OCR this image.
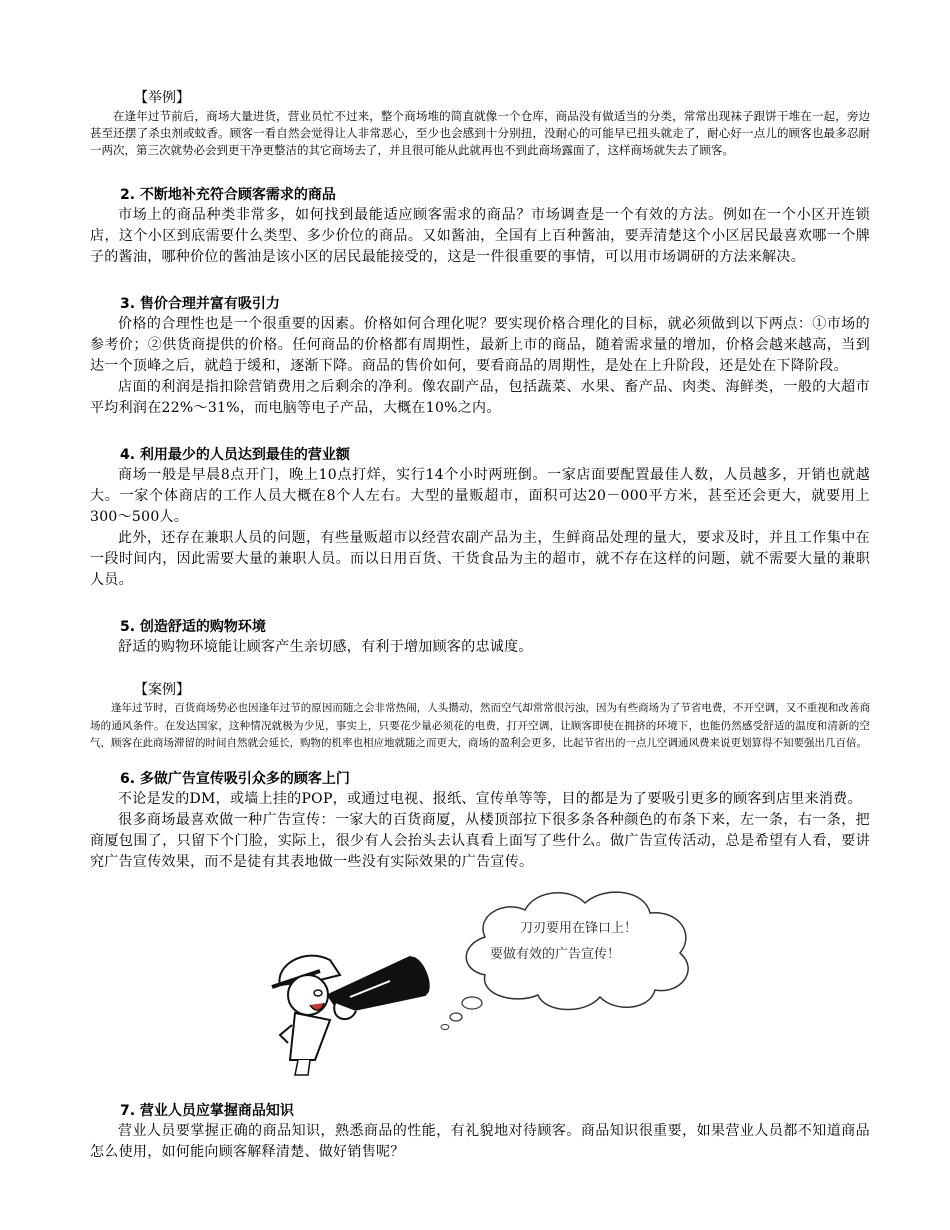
【举例】

在逢年过节前后，商场大量进货，营业员忙不过来，整个商场堆的简直就像一个仓库，商品没有做适当的分类，常常出现袜子跟饼干堆在一起，旁边甚至还摆了杀虫剂或蚊香。顾客一看自然会觉得让人非常恶心，至少也会感到十分别扭，没耐心的可能早已扭头就走了，耐心好一点儿的顾客也最多忍耐一两次，第三次就势必会到更干净更整洁的其它商场去了，并且很可能从此就再也不到此商场露面了，这样商场就失去了顾客。

2. 不断地补充符合顾客需求的商品

市场上的商品种类非常多，如何找到最能适应顾客需求的商品？市场调查是一个有效的方法。例如在一个小区开连锁店，这个小区到底需要什么类型、多少价位的商品。又如酱油，全国有上百种酱油，要弄清楚这个小区居民最喜欢哪一个牌子的酱油，哪种价位的酱油是该小区的居民最能接受的，这是一件很重要的事情，可以用市场调研的方法来解决。

3. 售价合理并富有吸引力

价格的合理性也是一个很重要的因素。价格如何合理化呢？要实现价格合理化的目标，就必须做到以下两点：①市场的参考价；②供货商提供的价格。任何商品的价格都有周期性，最新上市的商品，随着需求量的增加，价格会越来越高，当到达一个顶峰之后，就趋于缓和，逐渐下降。商品的售价如何，要看商品的周期性，是处在上升阶段，还是处在下降阶段。

店面的利润是指扣除营销费用之后剩余的净利。像农副产品，包括蔬菜、水果、畜产品、肉类、海鲜类，一般的大超市平均利润在22%～31%，而电脑等电子产品，大概在10%之内。

4. 利用最少的人员达到最佳的营业额

商场一般是早晨8点开门，晚上10点打烊，实行14个小时两班倒。一家店面要配置最佳人数，人员越多，开销也就越大。一家个体商店的工作人员大概在8个人左右。大型的量贩超市，面积可达20－000平方米，甚至还会更大，就要用上300～500人。

此外，还存在兼职人员的问题，有些量贩超市以经营农副产品为主，生鲜商品处理的量大，要求及时，并且工作集中在一段时间内，因此需要大量的兼职人员。而以日用百货、干货食品为主的超市，就不存在这样的问题，就不需要大量的兼职人员。

5. 创造舒适的购物环境

舒适的购物环境能让顾客产生亲切感，有利于增加顾客的忠诚度。

【案例】

逢年过节时，百货商场势必也因逢年过节的原因而随之会非常热闹，人头攒动，然而空气却常常很污浊，因为有些商场为了节省电费，不开空调，又不重视和改善商场的通风条件。在发达国家，这种情况就极为少见，事实上，只要花少量必须花的电费，打开空调，让顾客即使在拥挤的环境下，也能仍然感受舒适的温度和清新的空气，顾客在此商场滞留的时间自然就会延长，购物的机率也相应地就随之而更大，商场的盈利会更多，比起节省出的一点儿空调通风费来说更划算得不知要强出几百倍。

6. 多做广告宣传吸引众多的顾客上门

不论是发的DM，或墙上挂的POP，或通过电视、报纸、宣传单等等，目的都是为了要吸引更多的顾客到店里来消费。

很多商场最喜欢做一种广告宣传：一家大的百货商厦，从楼顶部拉下很多条各种颜色的布条下来，左一条，右一条，把商厦包围了，只留下个门脸，实际上，很少有人会抬头去认真看上面写了些什么。做广告宣传活动，总是希望有人看，要讲究广告宣传效果，而不是徒有其表地做一些没有实际效果的广告宣传。

刀刃要用在锋口上！
要做有效的广告宣传！
7. 营业人员应掌握商品知识

营业人员要掌握正确的商品知识，熟悉商品的性能，有礼貌地对待顾客。商品知识很重要，如果营业人员都不知道商品怎么使用，如何能向顾客解释清楚、做好销售呢？
